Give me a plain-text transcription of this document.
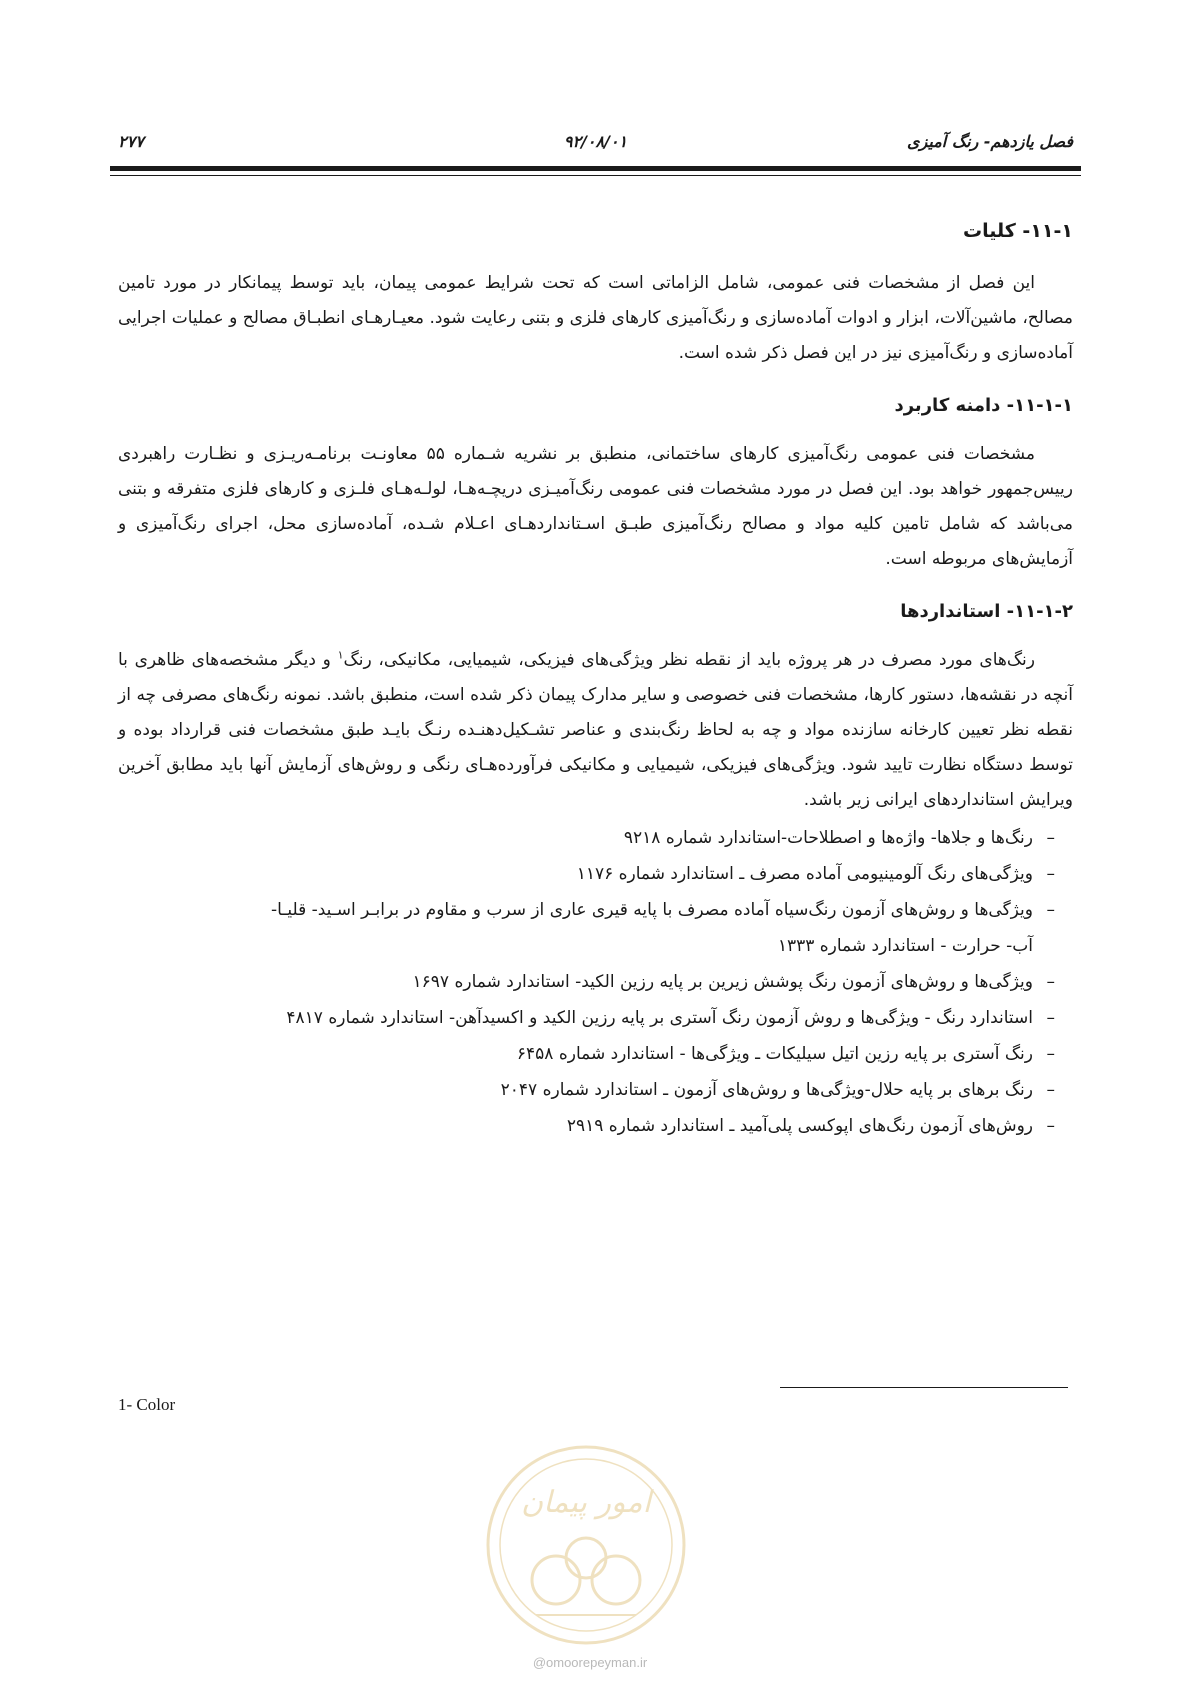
فصل یازدهم- رنگ آمیزی
۹۲/۰۸/۰۱
۲۷۷
۱۱-۱- کلیات

این فصل از مشخصات فنی عمومی، شامل الزاماتی است که تحت شرایط عمومی پیمان، باید توسط پیمانکار در مورد تامین مصالح، ماشین‌آلات، ابزار و ادوات آماده‌سازی و رنگ‌آمیزی کارهای فلزی و بتنی رعایت شود. معیـارهـای انطبـاق مصالح و عملیات اجرایی آماده‌سازی و رنگ‌آمیزی نیز در این فصل ذکر شده است.

۱۱-۱-۱- دامنه کاربرد

مشخصات فنی عمومی رنگ‌آمیزی کارهای ساختمانی، منطبق بر نشریه شـماره ۵۵ معاونـت برنامـه‌ریـزی و نظـارت راهبردی رییس‌جمهور خواهد بود. این فصل در مورد مشخصات فنی عمومی رنگ‌آمیـزی دریچـه‌هـا، لولـه‌هـای فلـزی و کارهای فلزی متفرقه و بتنی می‌باشد که شامل تامین کلیه مواد و مصالح رنگ‌آمیزی طبـق اسـتانداردهـای اعـلام شـده، آماده‌سازی محل، اجرای رنگ‌آمیزی و آزمایش‌های مربوطه است.

۱۱-۱-۲- استانداردها

رنگ‌های مورد مصرف در هر پروژه باید از نقطه نظر ویژگی‌های فیزیکی، شیمیایی، مکانیکی، رنگ$^۱$ و دیگر مشخصه‌های ظاهری با آنچه در نقشه‌ها، دستور کارها، مشخصات فنی خصوصی و سایر مدارک پیمان ذکر شده است، منطبق باشد. نمونه رنگ‌های مصرفی چه از نقطه نظر تعیین کارخانه سازنده مواد و چه به لحاظ رنگ‌بندی و عناصر تشـکیل‌دهنـده رنـگ بایـد طبق مشخصات فنی قرارداد بوده و توسط دستگاه نظارت تایید شود. ویژگی‌های فیزیکی، شیمیایی و مکانیکی فرآورده‌هـای رنگی و روش‌های آزمایش آنها باید مطابق آخرین ویرایش استانداردهای ایرانی زیر باشد.

–
رنگ‌ها و جلاها- واژه‌ها و اصطلاحات-استاندارد شماره ۹۲۱۸
–
ویژگی‌های رنگ آلومینیومی آماده مصرف ـ استاندارد شماره ۱۱۷۶
–
ویژگی‌ها و روش‌های آزمون رنگ‌سیاه آماده مصرف با پایه قیری عاری از سرب و مقاوم در برابـر اسـید- قلیـا-
آب- حرارت - استاندارد شماره ۱۳۳۳
–
ویژگی‌ها و روش‌های آزمون رنگ پوشش زیرین بر پایه رزین الکید- استاندارد شماره ۱۶۹۷
–
استاندارد رنگ - ویژگی‌ها و روش آزمون رنگ آستری بر پایه رزین الکید و اکسیدآهن- استاندارد شماره ۴۸۱۷
–
رنگ آستری بر پایه رزین اتیل سیلیکات ـ ویژگی‌ها - استاندارد شماره ۶۴۵۸
–
رنگ برهای بر پایه حلال-ویژگی‌ها و روش‌های آزمون ـ استاندارد شماره ۲۰۴۷
–
روش‌های آزمون رنگ‌های اپوکسی پلی‌آمید ـ استاندارد شماره ۲۹۱۹
1- Color
امور پیمان
@omoorepeyman.ir
